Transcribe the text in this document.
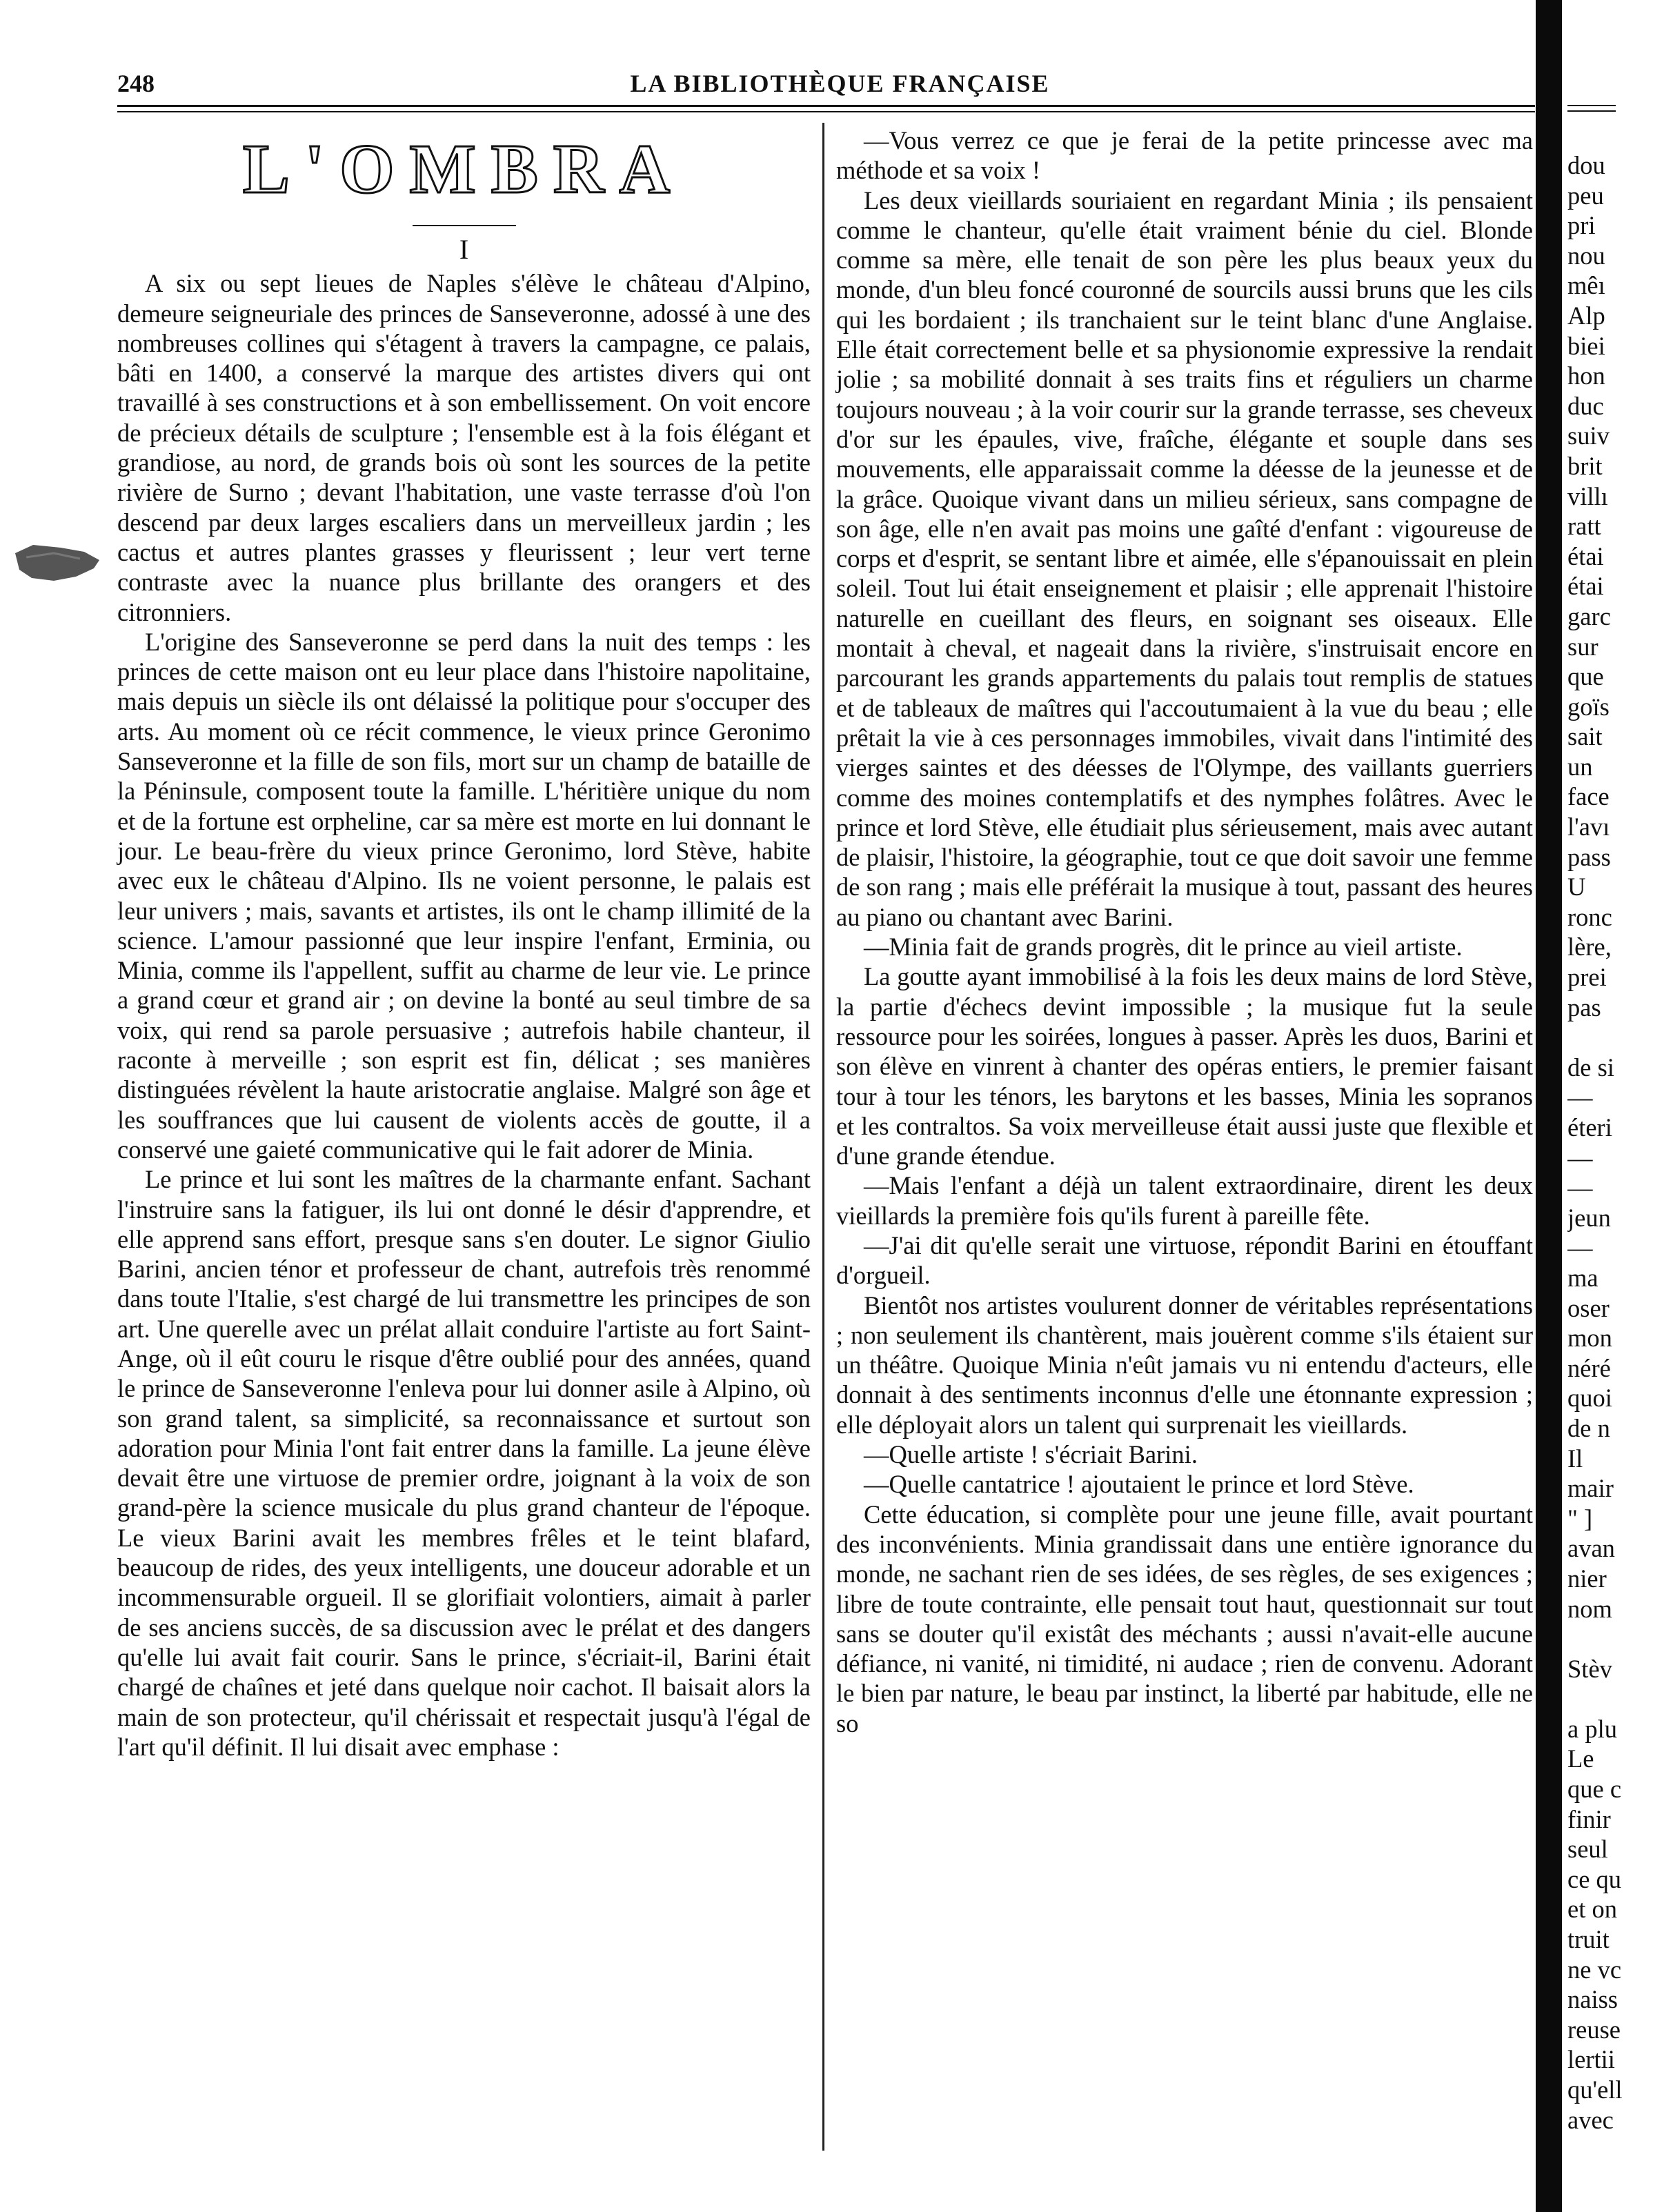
248	LA BIBLIOTHÈQUE FRANÇAISE
L'OMBRA
I

A six ou sept lieues de Naples s'élève le château d'Alpino, demeure seigneuriale des princes de Sanseveronne, adossé à une des nombreuses collines qui s'étagent à travers la campagne, ce palais, bâti en 1400, a conservé la marque des artistes divers qui ont travaillé à ses constructions et à son embellissement. On voit encore de précieux détails de sculpture ; l'ensemble est à la fois élégant et grandiose, au nord, de grands bois où sont les sources de la petite rivière de Surno ; devant l'habitation, une vaste terrasse d'où l'on descend par deux larges escaliers dans un merveilleux jardin ; les cactus et autres plantes grasses y fleurissent ; leur vert terne contraste avec la nuance plus brillante des orangers et des citronniers.

L'origine des Sanseveronne se perd dans la nuit des temps : les princes de cette maison ont eu leur place dans l'histoire napolitaine, mais depuis un siècle ils ont délaissé la politique pour s'occuper des arts. Au moment où ce récit commence, le vieux prince Geronimo Sanseveronne et la fille de son fils, mort sur un champ de bataille de la Péninsule, composent toute la famille. L'héritière unique du nom et de la fortune est orpheline, car sa mère est morte en lui donnant le jour. Le beau-frère du vieux prince Geronimo, lord Stève, habite avec eux le château d'Alpino. Ils ne voient personne, le palais est leur univers ; mais, savants et artistes, ils ont le champ illimité de la science. L'amour passionné que leur inspire l'enfant, Erminia, ou Minia, comme ils l'appellent, suffit au charme de leur vie. Le prince a grand cœur et grand air ; on devine la bonté au seul timbre de sa voix, qui rend sa parole persuasive ; autrefois habile chanteur, il raconte à merveille ; son esprit est fin, délicat ; ses manières distinguées révèlent la haute aristocratie anglaise. Malgré son âge et les souffrances que lui causent de violents accès de goutte, il a conservé une gaieté communicative qui le fait adorer de Minia.

Le prince et lui sont les maîtres de la charmante enfant. Sachant l'instruire sans la fatiguer, ils lui ont donné le désir d'apprendre, et elle apprend sans effort, presque sans s'en douter. Le signor Giulio Barini, ancien ténor et professeur de chant, autrefois très renommé dans toute l'Italie, s'est chargé de lui transmettre les principes de son art. Une querelle avec un prélat allait conduire l'artiste au fort Saint-Ange, où il eût couru le risque d'être oublié pour des années, quand le prince de Sanseveronne l'enleva pour lui donner asile à Alpino, où son grand talent, sa simplicité, sa reconnaissance et surtout son adoration pour Minia l'ont fait entrer dans la famille. La jeune élève devait être une virtuose de premier ordre, joignant à la voix de son grand-père la science musicale du plus grand chanteur de l'époque. Le vieux Barini avait les membres frêles et le teint blafard, beaucoup de rides, des yeux intelligents, une douceur adorable et un incommensurable orgueil. Il se glorifiait volontiers, aimait à parler de ses anciens succès, de sa discussion avec le prélat et des dangers qu'elle lui avait fait courir. Sans le prince, s'écriait-il, Barini était chargé de chaînes et jeté dans quelque noir cachot. Il baisait alors la main de son protecteur, qu'il chérissait et respectait jusqu'à l'égal de l'art qu'il définit. Il lui disait avec emphase :

—Vous verrez ce que je ferai de la petite princesse avec ma méthode et sa voix !

Les deux vieillards souriaient en regardant Minia ; ils pensaient comme le chanteur, qu'elle était vraiment bénie du ciel. Blonde comme sa mère, elle tenait de son père les plus beaux yeux du monde, d'un bleu foncé couronné de sourcils aussi bruns que les cils qui les bordaient ; ils tranchaient sur le teint blanc d'une Anglaise. Elle était correctement belle et sa physionomie expressive la rendait jolie ; sa mobilité donnait à ses traits fins et réguliers un charme toujours nouveau ; à la voir courir sur la grande terrasse, ses cheveux d'or sur les épaules, vive, fraîche, élégante et souple dans ses mouvements, elle apparaissait comme la déesse de la jeunesse et de la grâce. Quoique vivant dans un milieu sérieux, sans compagne de son âge, elle n'en avait pas moins une gaîté d'enfant : vigoureuse de corps et d'esprit, se sentant libre et aimée, elle s'épanouissait en plein soleil. Tout lui était enseignement et plaisir ; elle apprenait l'histoire naturelle en cueillant des fleurs, en soignant ses oiseaux. Elle montait à cheval, et nageait dans la rivière, s'instruisait encore en parcourant les grands appartements du palais tout remplis de statues et de tableaux de maîtres qui l'accoutumaient à la vue du beau ; elle prêtait la vie à ces personnages immobiles, vivait dans l'intimité des vierges saintes et des déesses de l'Olympe, des vaillants guerriers comme des moines contemplatifs et des nymphes folâtres. Avec le prince et lord Stève, elle étudiait plus sérieusement, mais avec autant de plaisir, l'histoire, la géographie, tout ce que doit savoir une femme de son rang ; mais elle préférait la musique à tout, passant des heures au piano ou chantant avec Barini.

—Minia fait de grands progrès, dit le prince au vieil artiste.

La goutte ayant immobilisé à la fois les deux mains de lord Stève, la partie d'échecs devint impossible ; la musique fut la seule ressource pour les soirées, longues à passer. Après les duos, Barini et son élève en vinrent à chanter des opéras entiers, le premier faisant tour à tour les ténors, les barytons et les basses, Minia les sopranos et les contraltos. Sa voix merveilleuse était aussi juste que flexible et d'une grande étendue.

—Mais l'enfant a déjà un talent extraordinaire, dirent les deux vieillards la première fois qu'ils furent à pareille fête.

—J'ai dit qu'elle serait une virtuose, répondit Barini en étouffant d'orgueil.

Bientôt nos artistes voulurent donner de véritables représentations ; non seulement ils chantèrent, mais jouèrent comme s'ils étaient sur un théâtre. Quoique Minia n'eût jamais vu ni entendu d'acteurs, elle donnait à des sentiments inconnus d'elle une étonnante expression ; elle déployait alors un talent qui surprenait les vieillards.

—Quelle artiste ! s'écriait Barini.

—Quelle cantatrice ! ajoutaient le prince et lord Stève.

Cette éducation, si complète pour une jeune fille, avait pourtant des inconvénients. Minia grandissait dans une entière ignorance du monde, ne sachant rien de ses idées, de ses règles, de ses exigences ; libre de toute contrainte, elle pensait tout haut, questionnait sur tout sans se douter qu'il existât des méchants ; aussi n'avait-elle aucune défiance, ni vanité, ni timidité, ni audace ; rien de convenu. Adorant le bien par nature, le beau par instinct, la liberté par habitude, elle ne so

dou
peu
pri
nou
mêı
Alp
biei
hon
duc
suiv
brit
villı
ratt
étai
étai
garc
sur
que
goïs
sait
un
face
l'avı
pass
U
ronc
lère,
prei
pas
de si
—
éteri
—
—
jeun
—
ma
oser
mon
néré
quoi
de n
Il
mair
" ]
avan
nier
nom
Stèv
a plu
Le
que c
finir
seul
ce qu
et on
truit
ne vc
naiss
reuse
lertii
qu'ell
avec
